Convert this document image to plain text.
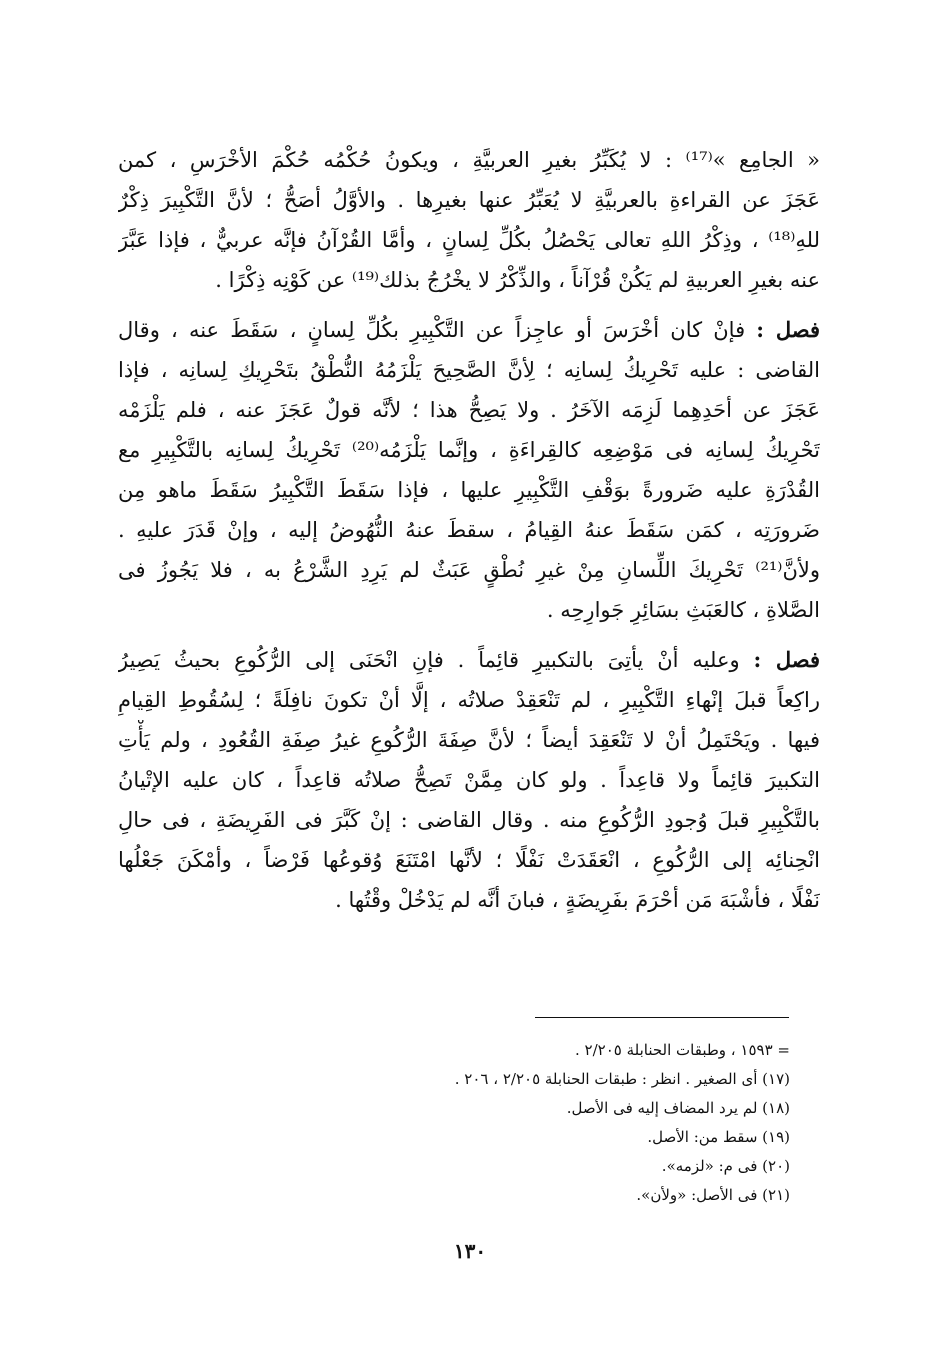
« الجامِع »⁽¹⁷⁾ : لا يُكَبِّرُ بغيرِ العربيَّةِ ، ويكونُ حُكْمُه حُكْمَ الأخْرَسِ ، كمن
عَجَزَ عن القراءةِ بالعربيَّةِ لا يُعَبِّرُ عنها بغيرِها . والأوَّلُ أصَحُّ ؛ لأنَّ التَّكْبِيرَ ذِكْرٌ
للهِ⁽¹⁸⁾ ، وذِكْرُ اللهِ تعالى يَحْصُلُ بكُلِّ لِسانٍ ، وأمَّا القُرْآنُ فإنَّه عربيٌّ ، فإذا عَبَّرَ
عنه بغيرِ العربيةِ لم يَكُنْ قُرْآناً ، والذِّكْرُ لا يخْرُجُ بذلك⁽¹⁹⁾ عن كَوْنِه ذِكْرًا .
فصل : فإنْ كان أخْرَسَ أو عاجِزاً عن التَّكْبِيرِ بكُلِّ لِسانٍ ، سَقَطَ عنه ، وقال
القاضى : عليه تَحْرِيكُ لِسانِه ؛ لِأنَّ الصَّحِيحَ يَلْزَمُهُ النُّطْقُ بتَحْرِيكِ لِسانِه ، فإذا
عَجَزَ عن أحَدِهِما لَزِمَه الآخَرُ . ولا يَصِحُّ هذا ؛ لأنَّه قولٌ عَجَزَ عنه ، فلم يَلْزَمْه
تَحْرِيكُ لِسانِه فى مَوْضِعِه كالقِراءَةِ ، وإنَّما يَلْزَمُه⁽²⁰⁾ تَحْرِيكُ لِسانِه بالتَّكْبِيرِ مع
القُدْرَةِ عليه ضَرورةً بوَقْفِ التَّكْبِيرِ عليها ، فإذا سَقَطَ التَّكْبِيرُ سَقَطَ ماهو مِن
ضَرورَتِه ، كمَن سَقَطَ عنهُ القِيامُ ، سقطَ عنهُ النُّهُوضُ إليه ، وإنْ قَدَرَ عليهِ .
ولأنَّ⁽²¹⁾ تَحْرِيكَ اللِّسانِ مِنْ غيرِ نُطْقٍ عَبَثٌ لم يَرِدِ الشَّرْعُ به ، فلا يَجُوزُ فى
الصَّلاةِ ، كالعَبَثِ بسَائِرِ جَوارِحِه .
فصل : وعليه أنْ يأتِىَ بالتكبيرِ قائِماً . فإنِ انْحَنَى إلى الرُّكُوعِ بحيثُ يَصِيرُ
راكِعاً قبلَ إنْهاءِ التَّكْبِيرِ ، لم تَنْعَقِدْ صلاتُه ، إلَّا أنْ تكونَ نافِلَةً ؛ لِسُقُوطِ القِيامِ
فيها . ويَحْتَمِلُ أنْ لا تَنْعَقِدَ أيضاً ؛ لأنَّ صِفَةَ الرُّكُوعِ غيرُ صِفَةِ القُعُودِ ، ولم يَأْتِ
التكبيرَ قائِماً ولا قاعِداً . ولو كان مِمَّنْ تَصِحُّ صلاتُه قاعِداً ، كان عليه الإتْيانُ
بالتَّكْبِيرِ قبلَ وُجودِ الرُّكُوعِ منه . وقال القاضى : إنْ كَبَّرَ فى الفَرِيضَةِ ، فى حالِ
انْحِنائِه إلى الرُّكُوعِ ، انْعَقَدَتْ نَفْلًا ؛ لأنَّها امْتَنَعَ وُقوعُها فَرْضاً ، وأمْكَنَ جَعْلُها
نَفْلًا ، فأشْبَهَ مَن أحْرَمَ بفَرِيضَةٍ ، فبانَ أنَّه لم يَدْخُلْ وقْتُها .
= ١٥٩٣ ، وطبقات الحنابلة ٢/٢٠٥ .
(١٧) أى الصغير . انظر : طبقات الحنابلة ٢/٢٠٥ ، ٢٠٦ .
(١٨) لم يرد المضاف إليه فى الأصل.
(١٩) سقط من: الأصل.
(٢٠) فى م: «لزمه».
(٢١) فى الأصل: «ولأن».
١٣٠
